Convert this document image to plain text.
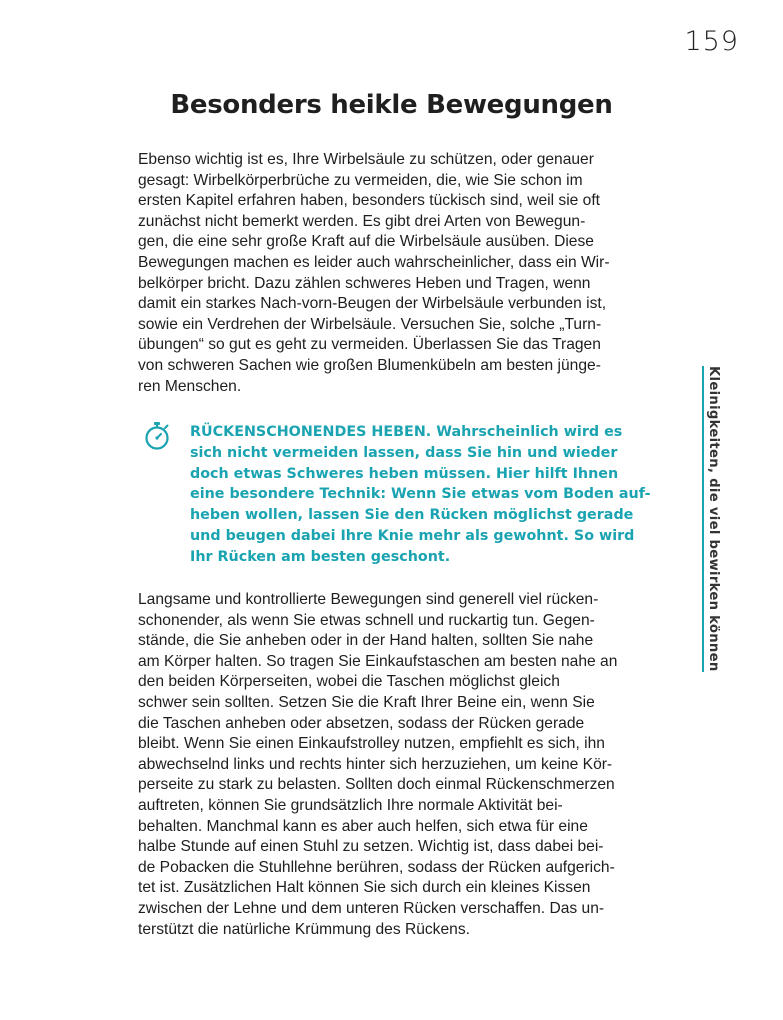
159
Besonders heikle Bewegungen
Ebenso wichtig ist es, Ihre Wirbelsäule zu schützen, oder genauer
gesagt: Wirbelkörperbrüche zu vermeiden, die, wie Sie schon im
ersten Kapitel erfahren haben, besonders tückisch sind, weil sie oft
zunächst nicht bemerkt werden. Es gibt drei Arten von Bewegun-
gen, die eine sehr große Kraft auf die Wirbelsäule ausüben. Diese
Bewegungen machen es leider auch wahrscheinlicher, dass ein Wir-
belkörper bricht. Dazu zählen schweres Heben und Tragen, wenn
damit ein starkes Nach-vorn-Beugen der Wirbelsäule verbunden ist,
sowie ein Verdrehen der Wirbelsäule. Versuchen Sie, solche „Turn-
übungen“ so gut es geht zu vermeiden. Überlassen Sie das Tragen
von schweren Sachen wie großen Blumenkübeln am besten jünge-
ren Menschen.
RÜCKENSCHONENDES HEBEN. Wahrscheinlich wird es
sich nicht vermeiden lassen, dass Sie hin und wieder
doch etwas Schweres heben müssen. Hier hilft Ihnen
eine besondere Technik: Wenn Sie etwas vom Boden auf-
heben wollen, lassen Sie den Rücken möglichst gerade
und beugen dabei Ihre Knie mehr als gewohnt. So wird
Ihr Rücken am besten geschont.
Langsame und kontrollierte Bewegungen sind generell viel rücken-
schonender, als wenn Sie etwas schnell und ruckartig tun. Gegen-
stände, die Sie anheben oder in der Hand halten, sollten Sie nahe
am Körper halten. So tragen Sie Einkaufstaschen am besten nahe an
den beiden Körperseiten, wobei die Taschen möglichst gleich
schwer sein sollten. Setzen Sie die Kraft Ihrer Beine ein, wenn Sie
die Taschen anheben oder absetzen, sodass der Rücken gerade
bleibt. Wenn Sie einen Einkaufstrolley nutzen, empfiehlt es sich, ihn
abwechselnd links und rechts hinter sich herzuziehen, um keine Kör-
perseite zu stark zu belasten. Sollten doch einmal Rückenschmerzen
auftreten, können Sie grundsätzlich Ihre normale Aktivität bei-
behalten. Manchmal kann es aber auch helfen, sich etwa für eine
halbe Stunde auf einen Stuhl zu setzen. Wichtig ist, dass dabei bei-
de Pobacken die Stuhllehne berühren, sodass der Rücken aufgerich-
tet ist. Zusätzlichen Halt können Sie sich durch ein kleines Kissen
zwischen der Lehne und dem unteren Rücken verschaffen. Das un-
terstützt die natürliche Krümmung des Rückens.
Kleinigkeiten, die viel bewirken können
